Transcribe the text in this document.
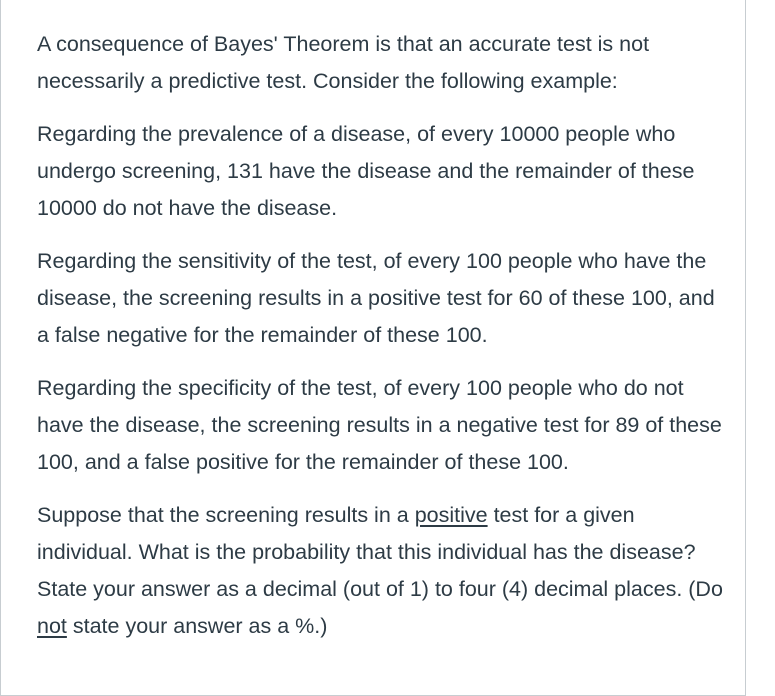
A consequence of Bayes' Theorem is that an accurate test is not necessarily a predictive test. Consider the following example:

Regarding the prevalence of a disease, of every 10000 people who undergo screening, 131 have the disease and the remainder of these 10000 do not have the disease.

Regarding the sensitivity of the test, of every 100 people who have the disease, the screening results in a positive test for 60 of these 100, and a false negative for the remainder of these 100.

Regarding the specificity of the test, of every 100 people who do not have the disease, the screening results in a negative test for 89 of these 100, and a false positive for the remainder of these 100.

Suppose that the screening results in a positive test for a given individual. What is the probability that this individual has the disease? State your answer as a decimal (out of 1) to four (4) decimal places. (Do not state your answer as a %.)
